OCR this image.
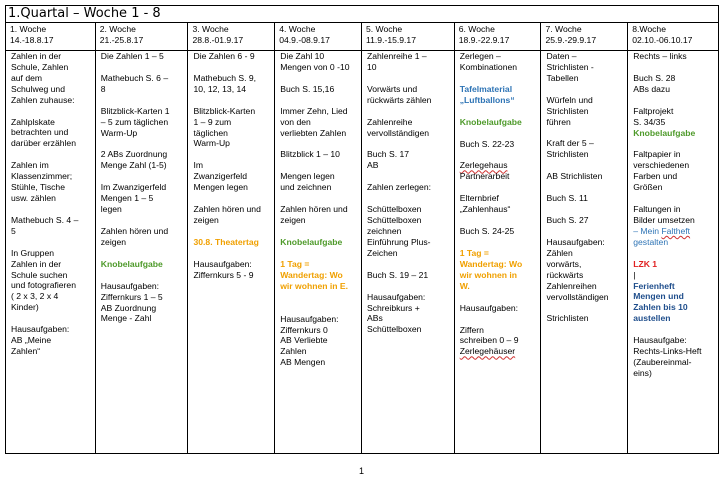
1.Quartal – Woche 1 - 8
1. Woche
14.-18.8.17
Zahlen in der
Schule, Zahlen
auf dem
Schulweg und
Zahlen zuhause:
Zahlplskate
betrachten und
darüber erzählen
Zahlen im
Klassenzimmer;
Stühle, Tische
usw. zählen
Mathebuch S. 4 –
5
In Gruppen
Zahlen in der
Schule suchen
und fotografieren
( 2 x 3, 2 x 4
Kinder)
Hausaufgaben:
AB „Meine
Zahlen“
2. Woche
21.-25.8.17
Die Zahlen 1 – 5
Mathebuch S. 6 –
8
Blitzblick-Karten 1
– 5 zum täglichen
Warm-Up
2 ABs Zuordnung
Menge Zahl (1-5)
Im Zwanzigerfeld
Mengen 1 – 5
legen
Zahlen hören und
zeigen
Knobelaufgabe
Hausaufgaben:
Ziffernkurs 1 – 5
AB Zuordnung
Menge - Zahl
3. Woche
28.8.-01.9.17
Die Zahlen 6 - 9
Mathebuch S. 9,
10, 12, 13, 14
Blitzblick-Karten
1 – 9 zum
täglichen
Warm-Up
Im
Zwanzigerfeld
Mengen legen
Zahlen hören und
zeigen
30.8. Theatertag
Hausaufgaben:
Ziffernkurs 5 - 9
4. Woche
04.9.-08.9.17
Die Zahl 10
Mengen von 0 -10
Buch S. 15,16
Immer Zehn, Lied
von den
verliebten Zahlen
Blitzblick 1 – 10
Mengen legen
und zeichnen
Zahlen hören und
zeigen
Knobelaufgabe
1 Tag =
Wandertag: Wo
wir wohnen in E.
Hausaufgaben:
Ziffernkurs 0
AB Verliebte
Zahlen
AB Mengen
5. Woche
11.9.-15.9.17
Zahlenreihe 1 –
10
Vorwärts und
rückwärts zählen
Zahlenreihe
vervollständigen
Buch S. 17
AB
Zahlen zerlegen:
Schüttelboxen
Schüttelboxen
zeichnen
Einführung Plus-
Zeichen
Buch S. 19 – 21
Hausaufgaben:
Schreibkurs +
ABs
Schüttelboxen
6. Woche
18.9.-22.9.17
Zerlegen –
Kombinationen
Tafelmaterial
„Luftballons“
Knobelaufgabe
Buch S. 22-23
Zerlegehaus
Partnerarbeit
Elternbrief
„Zahlenhaus“
Buch S. 24-25
1 Tag =
Wandertag: Wo
wir wohnen in
W.
Hausaufgaben:
Ziffern
schreiben 0 – 9
Zerlegehäuser
7. Woche
25.9.-29.9.17
Daten –
Strichlisten -
Tabellen
Würfeln und
Strichlisten
führen
Kraft der 5 –
Strichlisten
AB Strichlisten
Buch S. 11
Buch S. 27
Hausaufgaben:
Zählen
vorwärts,
rückwärts
Zahlenreihen
vervollständigen
Strichlisten
8.Woche
02.10.-06.10.17
Rechts – links
Buch S. 28
ABs dazu
Faltprojekt
S. 34/35
Knobelaufgabe
Faltpapier in
verschiedenen
Farben und
Größen
Faltungen in
Bilder umsetzen
– Mein Faltheft
gestalten
LZK 1
|
Ferienheft
Mengen und
Zahlen bis 10
austellen
Hausaufgabe:
Rechts-Links-Heft
(Zaubereinmal-
eins)
1
